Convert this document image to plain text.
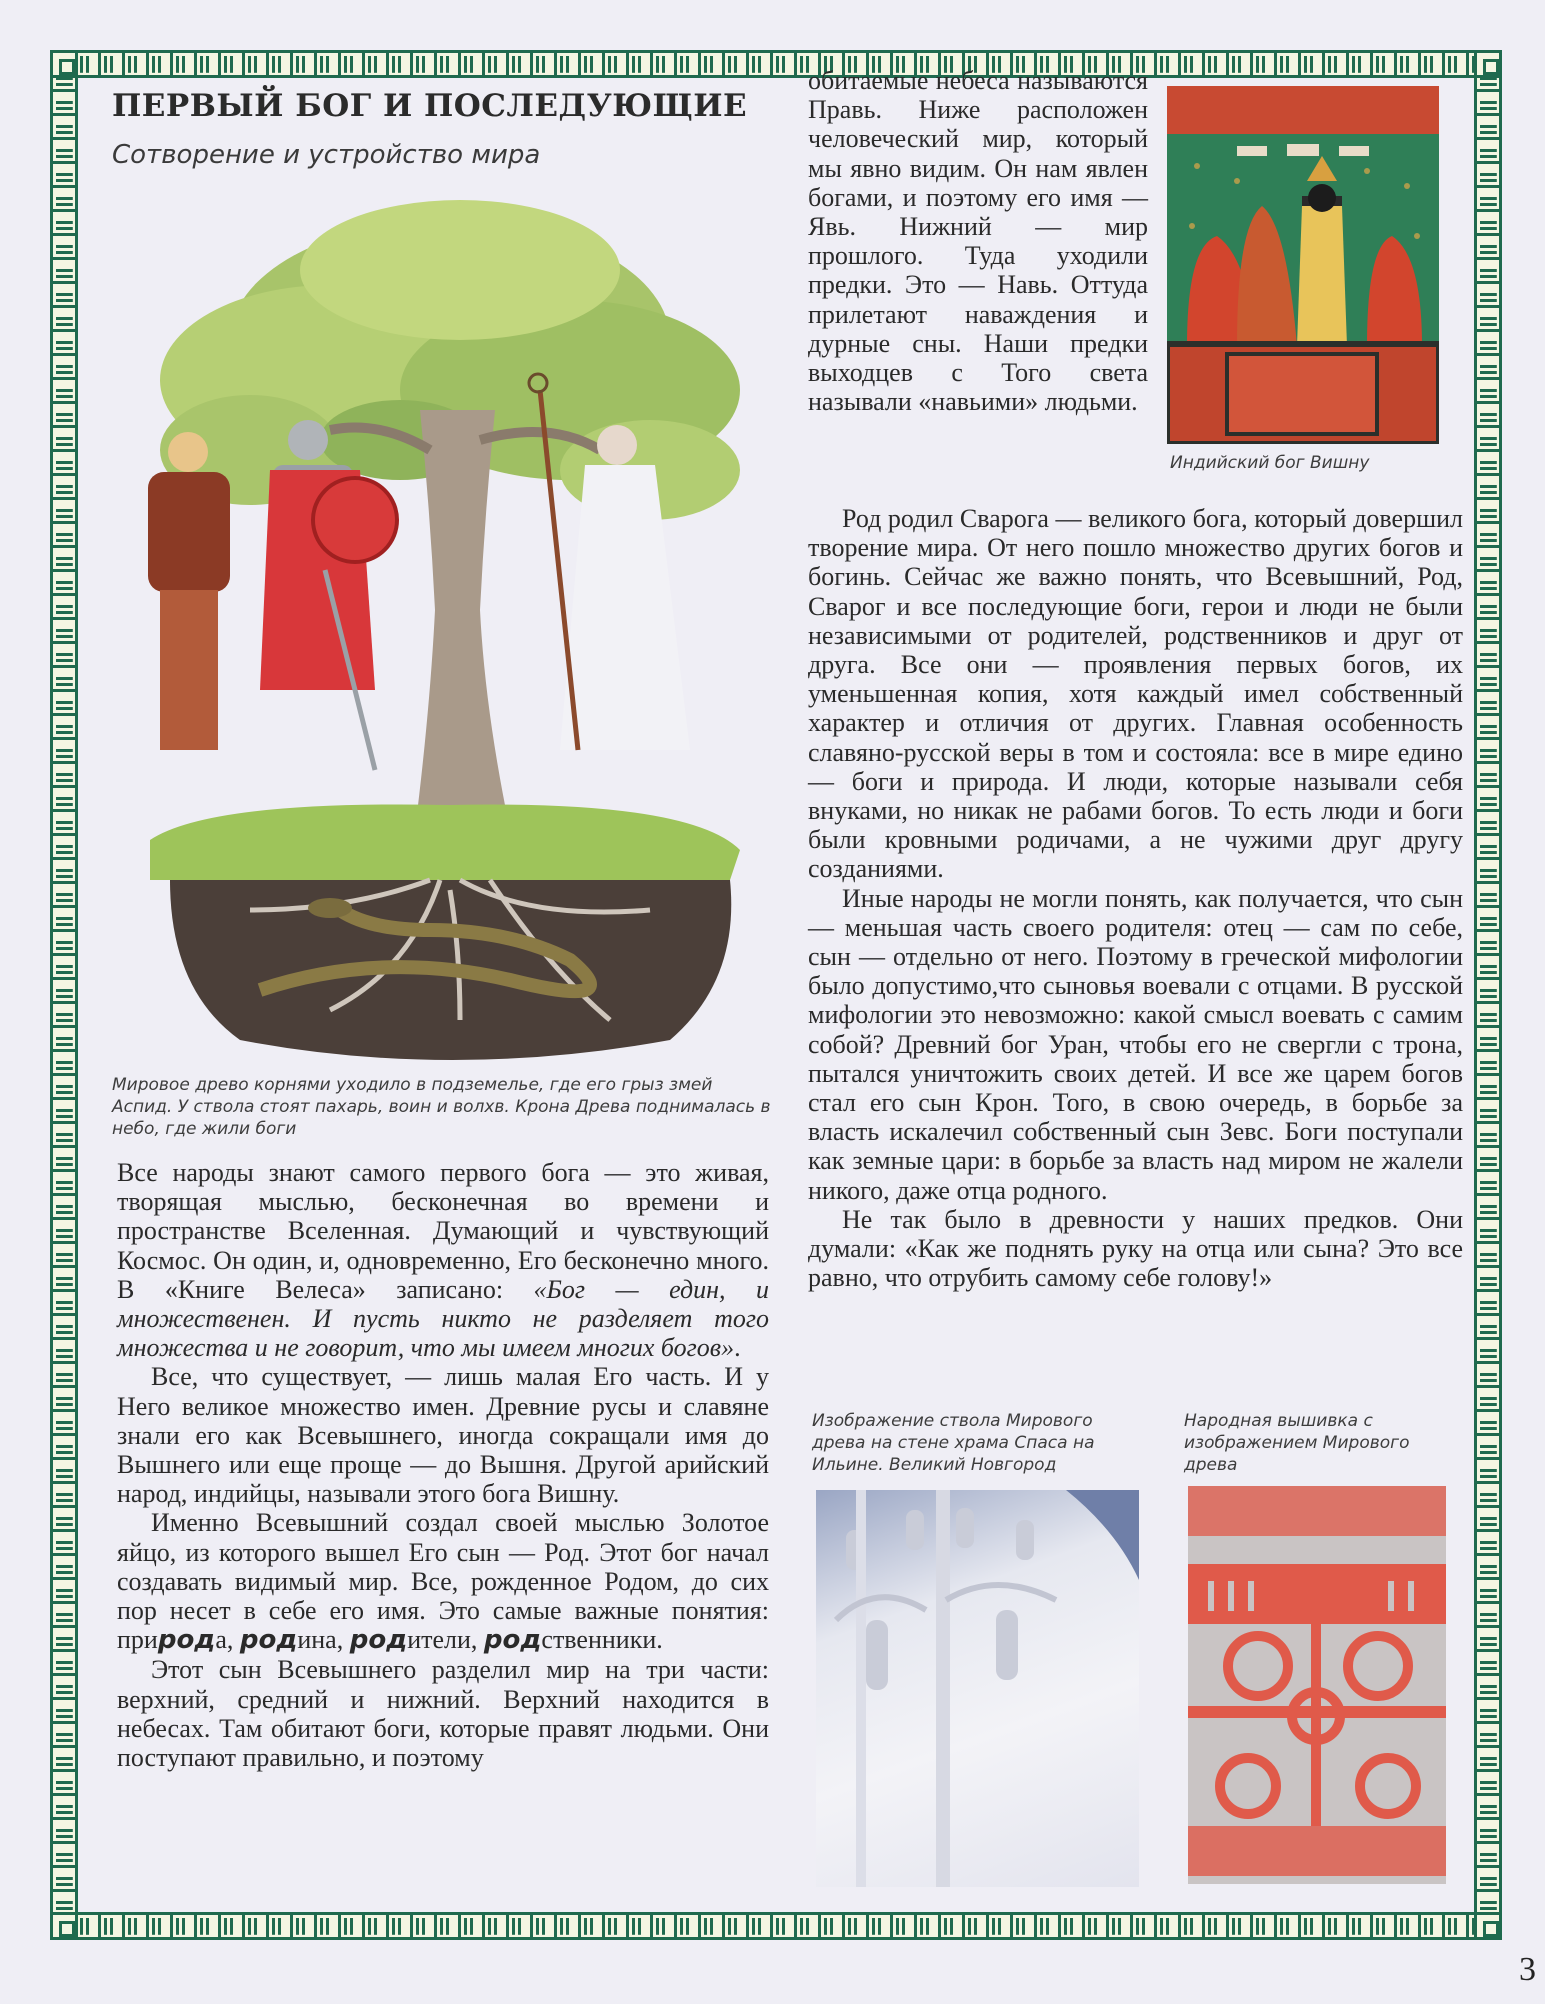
ПЕРВЫЙ БОГ И ПОСЛЕДУЮЩИЕ
Сотворение и устройство мира
Мировое древо корнями уходило в подземелье, где его грыз змей Аспид. У ствола стоят пахарь, воин и волхв. Крона Древа поднималась в небо, где жили боги
Индийский бог Вишну

Все народы знают самого первого бога — это живая, творящая мыслью, бесконечная во времени и пространстве Вселенная. Думающий и чувствующий Космос. Он один, и, одновременно, Его бесконечно много. В «Книге Велеса» записано: «Бог — един, и множественен. И пусть никто не разделяет того множества и не говорит, что мы имеем многих богов».

Все, что существует, — лишь малая Его часть. И у Него великое множество имен. Древние русы и славяне знали его как Всевышнего, иногда сокращали имя до Вышнего или еще проще — до Вышня. Другой арийский народ, индийцы, называли этого бога Вишну.

Именно Всевышний создал своей мыслью Золотое яйцо, из которого вышел Его сын — Род. Этот бог начал создавать видимый мир. Все, рожденное Родом, до сих пор несет в себе его имя. Это самые важные понятия: природа, родина, родители, родственники.

Этот сын Всевышнего разделил мир на три части: верхний, средний и нижний. Верхний находится в небесах. Там обитают боги, которые правят людьми. Они поступают правильно, и поэтому

обитаемые небеса называются Правь. Ниже расположен человеческий мир, который мы явно видим. Он нам явлен богами, и поэтому его имя — Явь. Нижний — мир прошлого. Туда уходили предки. Это — Навь. Оттуда прилетают наваждения и дурные сны. Наши предки выходцев с Того света называли «навьими» людьми.

Род родил Сварога — великого бога, который довершил творение мира. От него пошло множество других богов и богинь. Сейчас же важно понять, что Всевышний, Род, Сварог и все последующие боги, герои и люди не были независимыми от родителей, родственников и друг от друга. Все они — проявления первых богов, их уменьшенная копия, хотя каждый имел собственный характер и отличия от других. Главная особенность славяно-русской веры в том и состояла: все в мире едино — боги и природа. И люди, которые называли себя внуками, но никак не рабами богов. То есть люди и боги были кровными родичами, а не чужими друг другу созданиями.

Иные народы не могли понять, как получается, что сын — меньшая часть своего родителя: отец — сам по себе, сын — отдельно от него. Поэтому в греческой мифологии было допустимо,что сыновья воевали с отцами. В русской мифологии это невозможно: какой смысл воевать с самим собой? Древний бог Уран, чтобы его не свергли с трона, пытался уничтожить своих детей. И все же царем богов стал его сын Крон. Того, в свою очередь, в борьбе за власть искалечил собственный сын Зевс. Боги поступали как земные цари: в борьбе за власть над миром не жалели никого, даже отца родного.

Не так было в древности у наших предков. Они думали: «Как же поднять руку на отца или сына? Это все равно, что отрубить самому себе голову!»

Изображение ствола Мирового древа на стене храма Спаса на Ильине. Великий Новгород
Народная вышивка с изображением Мирового древа
3
